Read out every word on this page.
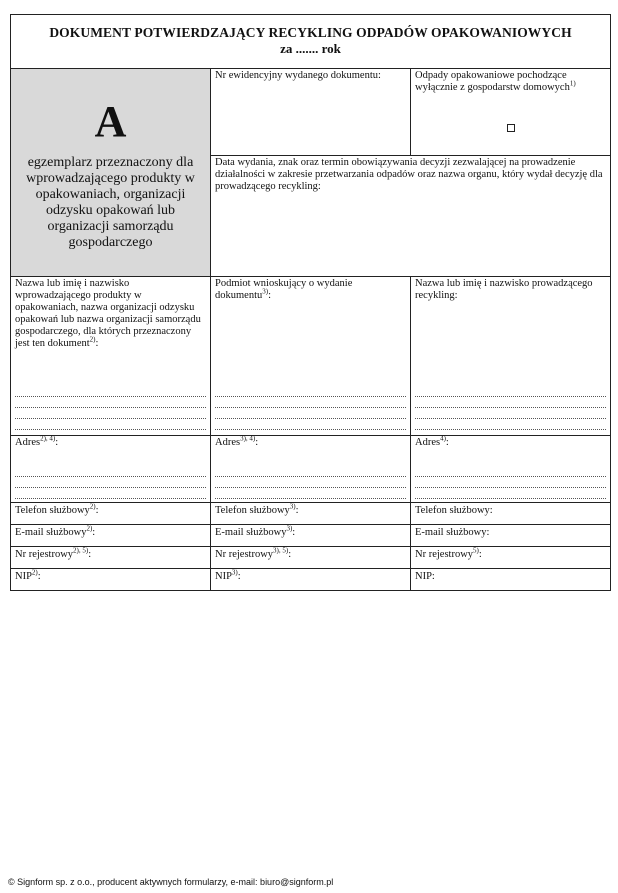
DOKUMENT POTWIERDZAJĄCY RECYKLING ODPADÓW OPAKOWANIOWYCH
za ....... rok		

A
egzemplarz przeznaczony dla wprowadzającego produkty w opakowaniach, organizacji odzysku opakowań lub organizacji samorządu gospodarczego	Nr ewidencyjny wydanego dokumentu:	Odpady opakowaniowe pochodzące wyłącznie z gospodarstw domowych$^{1)}$

	Data wydania, znak oraz termin obowiązywania decyzji zezwalającej na prowadzenie działalności w zakresie przetwarzania odpadów oraz nazwa organu, który wydał decyzję dla prowadzącego recykling:	

Nazwa lub imię i nazwisko wprowadzającego produkty w opakowaniach, nazwa organizacji odzysku opakowań lub nazwa organizacji samorządu gospodarczego, dla których przeznaczony jest ten dokument$^{2)}$:	Podmiot wnioskujący o wydanie dokumentu$^{3)}$:	Nazwa lub imię i nazwisko prowadzącego recykling:

Adres$^{2), 4)}$:	Adres$^{3), 4)}$:	Adres$^{4)}$:

Telefon służbowy$^{2)}$:	Telefon służbowy$^{3)}$:	Telefon służbowy:

E-mail służbowy$^{2)}$:	E-mail służbowy$^{3)}$:	E-mail służbowy:

Nr rejestrowy$^{2), 5)}$:	Nr rejestrowy$^{3), 5)}$:	Nr rejestrowy$^{5)}$:

NIP$^{2)}$:	NIP$^{3)}$:	NIP:
© Signform sp. z o.o., producent aktywnych formularzy, e-mail: biuro@signform.pl
